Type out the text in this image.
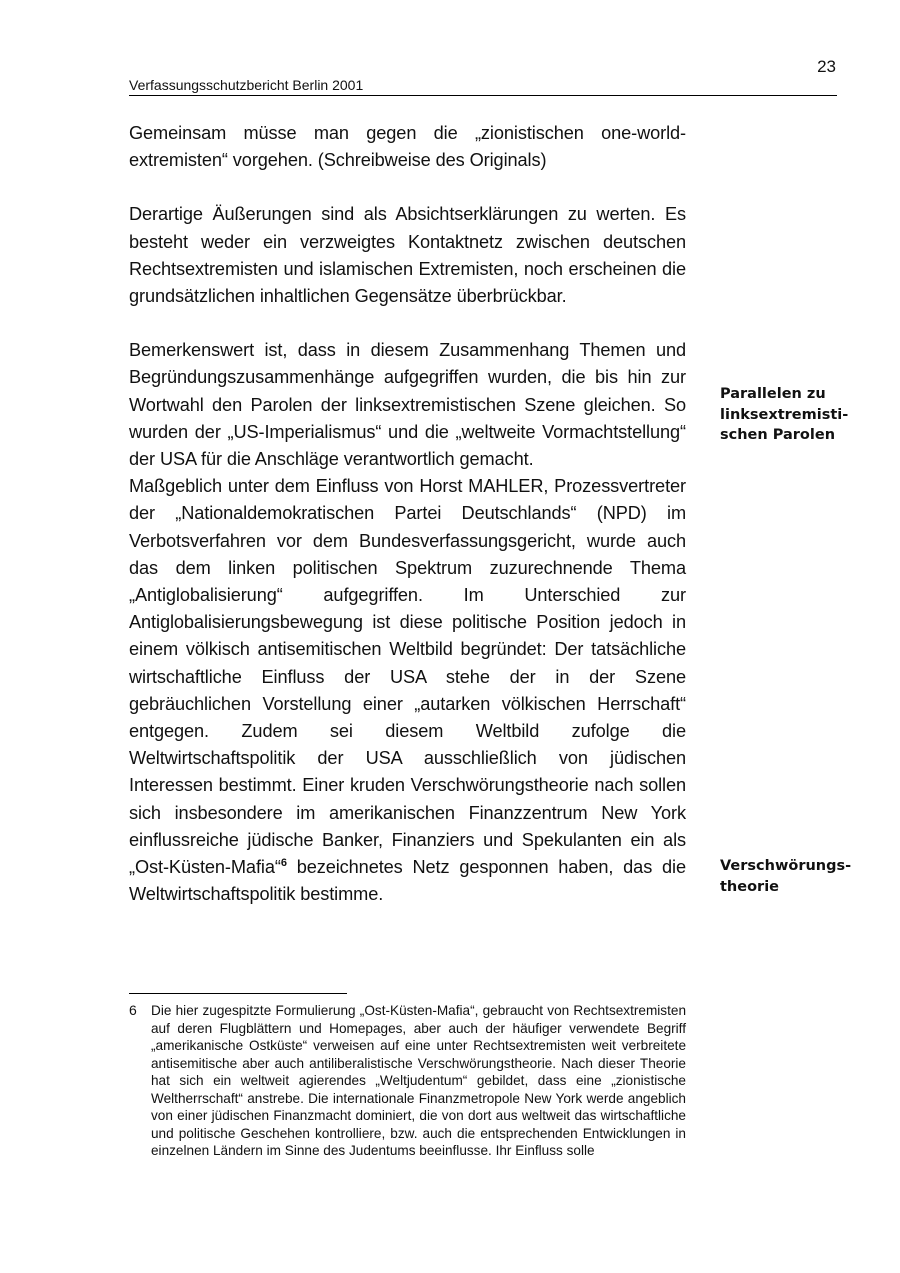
23
Verfassungsschutzbericht Berlin 2001

Gemeinsam müsse man gegen die „zionistischen one-world-extremisten“ vorgehen. (Schreibweise des Originals)

Derartige Äußerungen sind als Absichtserklärungen zu werten. Es besteht weder ein verzweigtes Kontaktnetz zwischen deutschen Rechtsextremisten und islamischen Extremisten, noch erscheinen die grundsätzlichen inhaltlichen Gegensätze überbrückbar.

Bemerkenswert ist, dass in diesem Zusammenhang Themen und Begründungszusammenhänge aufgegriffen wurden, die bis hin zur Wortwahl den Parolen der linksextremistischen Szene gleichen. So wurden der „US-Imperialismus“ und die „weltweite Vormachtstellung“ der USA für die Anschläge verantwortlich gemacht.

Maßgeblich unter dem Einfluss von Horst MAHLER, Prozessvertreter der „Nationaldemokratischen Partei Deutschlands“ (NPD) im Verbotsverfahren vor dem Bundesverfassungsgericht, wurde auch das dem linken politischen Spektrum zuzurechnende Thema „Antiglobalisierung“ aufgegriffen. Im Unterschied zur Antiglobalisierungsbewegung ist diese politische Position jedoch in einem völkisch antisemitischen Weltbild begründet: Der tatsächliche wirtschaftliche Einfluss der USA stehe der in der Szene gebräuchlichen Vorstellung einer „autarken völkischen Herrschaft“ entgegen. Zudem sei diesem Weltbild zufolge die Weltwirtschaftspolitik der USA ausschließlich von jüdischen Interessen bestimmt. Einer kruden Verschwörungstheorie nach sollen sich insbesondere im amerikanischen Finanzzentrum New York einflussreiche jüdische Banker, Finanziers und Spekulanten ein als „Ost-Küsten-Mafia“$^6$ bezeichnetes Netz gesponnen haben, das die Weltwirtschaftspolitik bestimme.

Parallelen zu
linksextremisti-
schen Parolen
Verschwörungs-
theorie
6 Die hier zugespitzte Formulierung „Ost-Küsten-Mafia“, gebraucht von Rechtsextremisten auf deren Flugblättern und Homepages, aber auch der häufiger verwendete Begriff „amerikanische Ostküste“ verweisen auf eine unter Rechtsextremisten weit verbreitete antisemitische aber auch antiliberalistische Verschwörungstheorie. Nach dieser Theorie hat sich ein weltweit agierendes „Weltjudentum“ gebildet, dass eine „zionistische Weltherrschaft“ anstrebe. Die internationale Finanzmetropole New York werde angeblich von einer jüdischen Finanzmacht dominiert, die von dort aus weltweit das wirtschaftliche und politische Geschehen kontrolliere, bzw. auch die entsprechenden Entwicklungen in einzelnen Ländern im Sinne des Judentums beeinflusse. Ihr Einfluss solle
